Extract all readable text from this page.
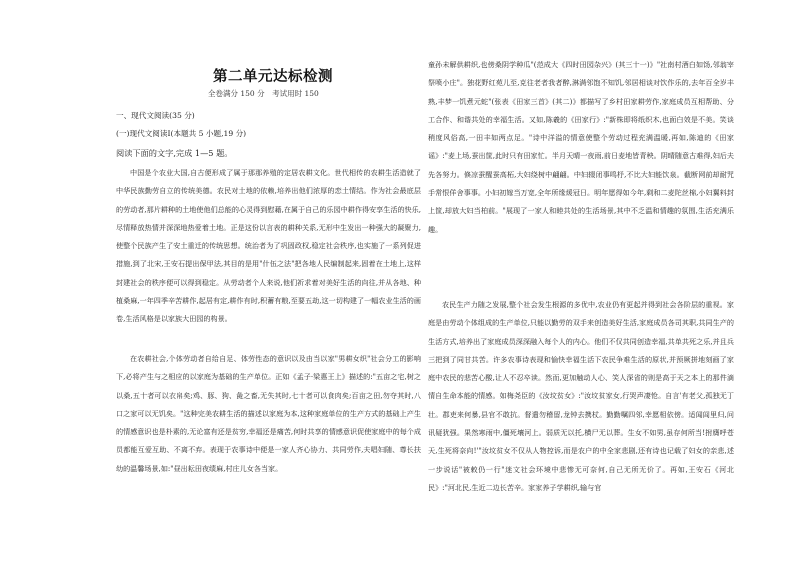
第二单元达标检测
全卷满分 150 分　考试用时 150
一、现代文阅读(35 分)
(一)现代文阅读Ⅰ(本题共 5 小题,19 分)
阅读下面的文字,完成 1—5 题。

中国是个农业大国,自古便形成了属于那那养殖的定居农耕文化。世代相传的农耕生活造就了中华民族勤劳自立的传统美德。农民对土地的依赖,培养出他们浓厚的恋土情结。作为社会最底层的劳动者,那片耕种的土地使他们总能的心灵得到慰藉,在属于自己的乐园中耕作得安享生活的快乐,尽情释放热情并深深地热爱着土地。正是这份以言表的耕种关系,无形中生发出一种强大的凝聚力,使整个民族产生了安土重迁的传统思想。统治者为了巩固政权,稳定社会秩序,也实施了一系列促进措施,到了北宋,王安石提出保甲法,其目的是用"什伍之法"把各地人民编制起来,固着在土地上,这样封建社会的秩序便可以得到稳定。从劳动者个人来说,他们祈求着对美好生活的向往,并从各地、种植桑麻,一年四季辛苦耕作,起居有定,耕作有时,积蓄有粮,至要五劫,这一切构建了一幅农业生活的画卷,生活风格是以家族大田园的构景。

在农耕社会,个体劳动者自给自足、体劳性态的意识以及由当以家"男耕女织"社会分工的影响下,必将产生与之相应的以家庭为基础的生产单位。正如《孟子·梁惠王上》描述的:"五亩之宅,树之以桑,五十者可以衣帛矣;鸡、豚、狗、彘之畜,无失其时,七十者可以食肉矣;百亩之田,勿夺其时,八口之家可以无饥矣。"这种完美农耕生活的描述以家庭为本,这种家庭单位的生产方式的基础上产生的情感意识也是朴素的,无论富有还是贫穷,幸福还是痛苦,何时共享的情感意识促使家庭中的每个成员都能互爱互助、不离不弃。表现于农事诗中便是一家人齐心协力、共同劳作,夫唱妇随、尊长扶幼的温馨场景,如:"昼出耘田夜绩麻,村庄儿女各当家。

童孙未解供耕织,也傍桑阴学种瓜"(范成大《四时田园杂兴》(其三十一)》"社南村酒白如饧,邻翁宰祭喷小庄"。独花野红苑儿至,克往老者我者醉,淋满邻饱不知饥,邻居相谈对饮作乐的,去年百全岁丰熟,丰梦一饥煮元蛇"(张表《田家三首》(其二)》都描写了乡村田家耕劳作,家庭成员互相帮助、分工合作、和谐共处的幸福生活。又如,陈羲的《田家行》:"新株即将纸织木,也面白效是不美。笑谈稍度风俗高,一田丰如两点足。"诗中洋溢的情意使整个劳动过程充满温暖,再如,陈迪的《田家谣》:"麦上场,蚕出筐,此时只有田家忙。半月天晴一夜雨,前日麦地皆青秧。阴晴随意古难得,妇后夫先各努力。倏凉蚕醒蚕高柘,大妇绕树中翩翩。中妇辍闭事鸣杼,不比大妇能饮泉。截断网前却耐咒手常恨佯舍事事。小妇初嫁当万宽,全年所缘煖冠日。明年愿得如今年,剩和二麦陀丝棉,小妇翼料封上筐,却放大妇当柏前。"展现了一家人和睦共处的生活场景,其中不乏温和情趣的氛围,生活充满乐趣。

农民生产力随之发展,整个社会发生根源的多优中,农业仍有更起并得到社会各阶层的重视。家庭是由劳动个体组成的生产单位,只能以勤劳的双手来创造美好生活,家庭成员各司其职,共同生产的生活方式,培养出了家庭成员深深融入每个人的内心。他们不仅共同创造幸福,共单共死之乐,并且兵三把到了同甘共苦。许多农事诗表现和愉快幸福生活下农民争难生活的原状,并预厥拼地刻画了家庭中农民的悲苦心酸,让人不忍卒读。然而,更加触动人心、笑人深省的则是高于天之本上的那件滴情自生命本能的情感。如梅尧臣的《汝坟贫女》:"汝坟贫家女,行哭声凄怆。自言'有老父,孤独无丁壮。郡吏来何暴,县官不敢抗。督遣勿稽留,龙钟去携杖。勤勤嘱四邻,幸愿相依傍。适闻闾里归,问讯疑犹强。果然寒雨中,僵死壤河上。弱质无以托,横尸无以葬。生女不如男,虽存何所当!拊膺呼苍天,生死将奈向!'"汝坟贫女不仅从人物控诉,而是农户的中全家悲剧,还有诗也记载了妇女的亲悲,述一步说话"被敕仍一行"迷文社会环境中悲惨无可奈何,自己无所无价了。再如,王安石《河北民》:"河北民,生近二边长苦辛。家家养子学耕织,输与官
